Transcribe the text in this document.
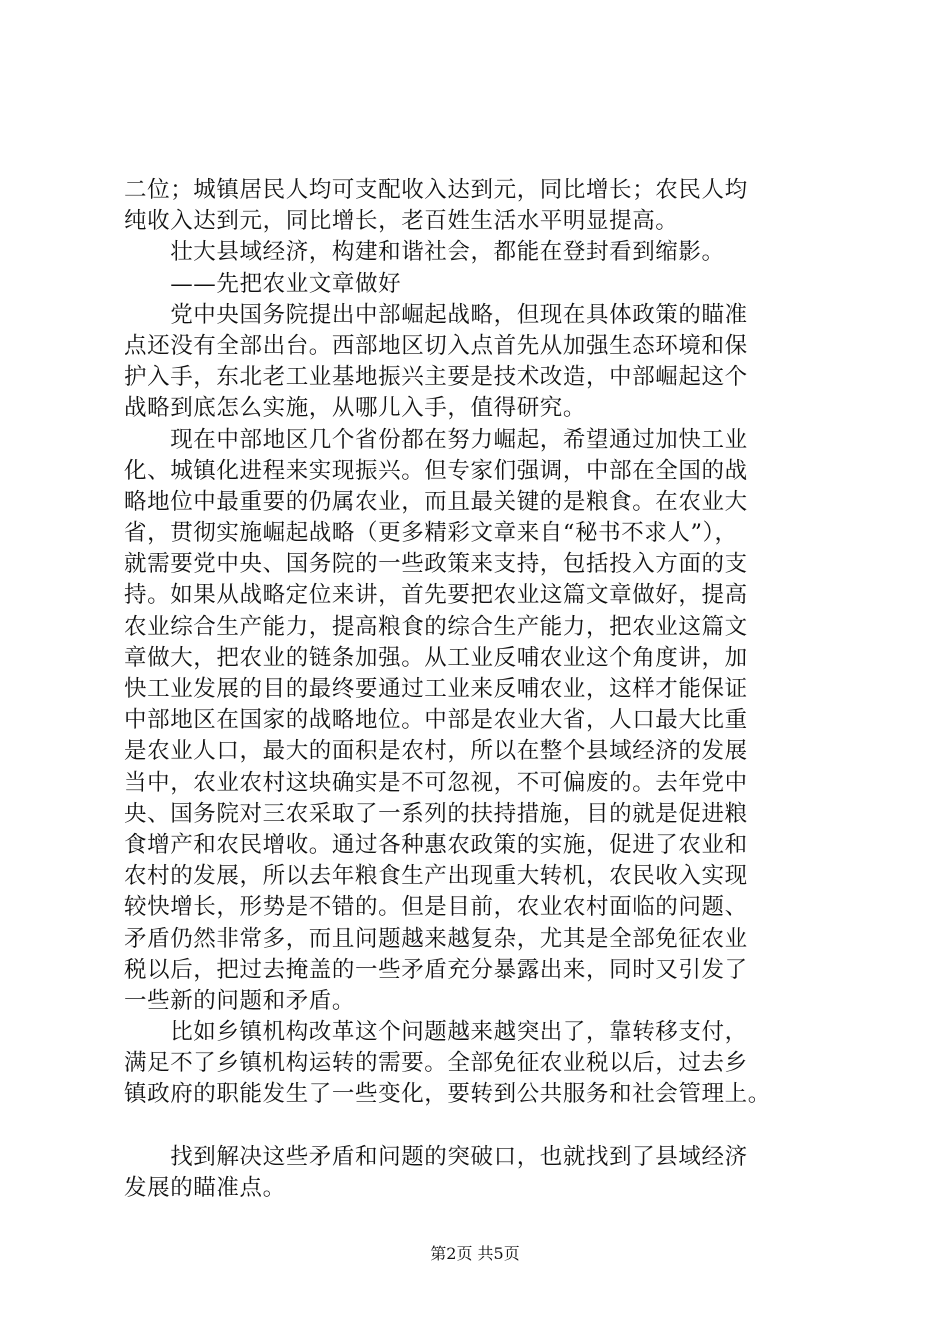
二位；城镇居民人均可支配收入达到元，同比增长；农民人均
纯收入达到元，同比增长，老百姓生活水平明显提高。
　　壮大县域经济，构建和谐社会，都能在登封看到缩影。
　　——先把农业文章做好
　　党中央国务院提出中部崛起战略，但现在具体政策的瞄准
点还没有全部出台。西部地区切入点首先从加强生态环境和保
护入手，东北老工业基地振兴主要是技术改造，中部崛起这个
战略到底怎么实施，从哪儿入手，值得研究。
　　现在中部地区几个省份都在努力崛起，希望通过加快工业
化、城镇化进程来实现振兴。但专家们强调，中部在全国的战
略地位中最重要的仍属农业，而且最关键的是粮食。在农业大
省，贯彻实施崛起战略（更多精彩文章来自“秘书不求人”），
就需要党中央、国务院的一些政策来支持，包括投入方面的支
持。如果从战略定位来讲，首先要把农业这篇文章做好，提高
农业综合生产能力，提高粮食的综合生产能力，把农业这篇文
章做大，把农业的链条加强。从工业反哺农业这个角度讲，加
快工业发展的目的最终要通过工业来反哺农业，这样才能保证
中部地区在国家的战略地位。中部是农业大省，人口最大比重
是农业人口，最大的面积是农村，所以在整个县域经济的发展
当中，农业农村这块确实是不可忽视，不可偏废的。去年党中
央、国务院对三农采取了一系列的扶持措施，目的就是促进粮
食增产和农民增收。通过各种惠农政策的实施，促进了农业和
农村的发展，所以去年粮食生产出现重大转机，农民收入实现
较快增长，形势是不错的。但是目前，农业农村面临的问题、
矛盾仍然非常多，而且问题越来越复杂，尤其是全部免征农业
税以后，把过去掩盖的一些矛盾充分暴露出来，同时又引发了
一些新的问题和矛盾。
　　比如乡镇机构改革这个问题越来越突出了，靠转移支付，
满足不了乡镇机构运转的需要。全部免征农业税以后，过去乡
镇政府的职能发生了一些变化，要转到公共服务和社会管理上。
　　找到解决这些矛盾和问题的突破口，也就找到了县域经济
发展的瞄准点。
第2页 共5页
